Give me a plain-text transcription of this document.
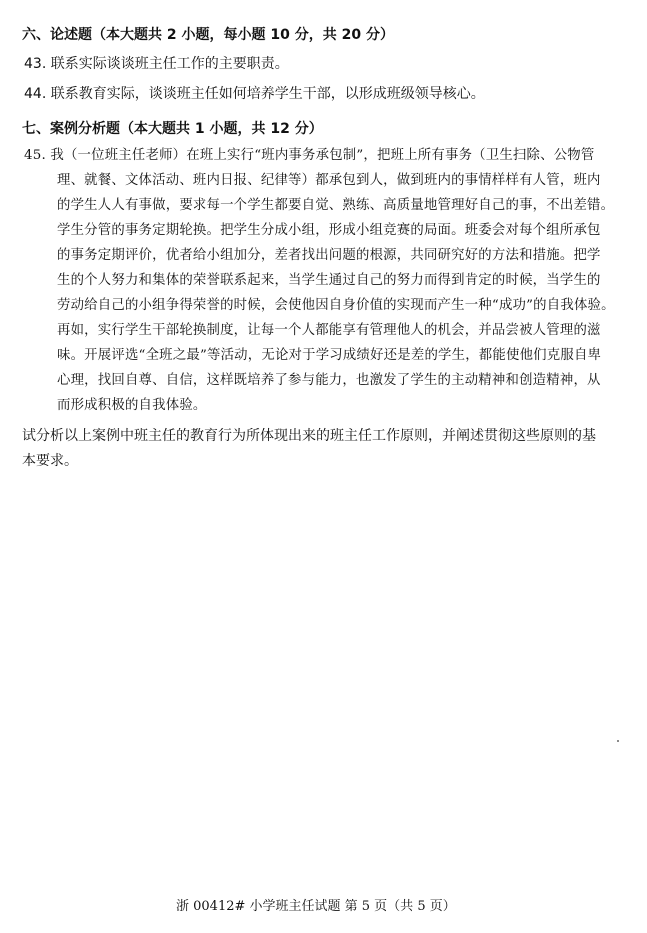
六、论述题（本大题共 2 小题，每小题 10 分，共 20 分）
43. 联系实际谈谈班主任工作的主要职责。
44. 联系教育实际，谈谈班主任如何培养学生干部，以形成班级领导核心。
七、案例分析题（本大题共 1 小题，共 12 分）
45. 我（一位班主任老师）在班上实行“班内事务承包制”，把班上所有事务（卫生扫除、公物管
理、就餐、文体活动、班内日报、纪律等）都承包到人，做到班内的事情样样有人管，班内
的学生人人有事做，要求每一个学生都要自觉、熟练、高质量地管理好自己的事，不出差错。
学生分管的事务定期轮换。把学生分成小组，形成小组竞赛的局面。班委会对每个组所承包
的事务定期评价，优者给小组加分，差者找出问题的根源，共同研究好的方法和措施。把学
生的个人努力和集体的荣誉联系起来，当学生通过自己的努力而得到肯定的时候，当学生的
劳动给自己的小组争得荣誉的时候，会使他因自身价值的实现而产生一种“成功”的自我体验。
再如，实行学生干部轮换制度，让每一个人都能享有管理他人的机会，并品尝被人管理的滋
味。开展评选“全班之最”等活动，无论对于学习成绩好还是差的学生，都能使他们克服自卑
心理，找回自尊、自信，这样既培养了参与能力，也激发了学生的主动精神和创造精神，从
而形成积极的自我体验。
试分析以上案例中班主任的教育行为所体现出来的班主任工作原则，并阐述贯彻这些原则的基
本要求。
浙 00412# 小学班主任试题 第 5 页（共 5 页）
